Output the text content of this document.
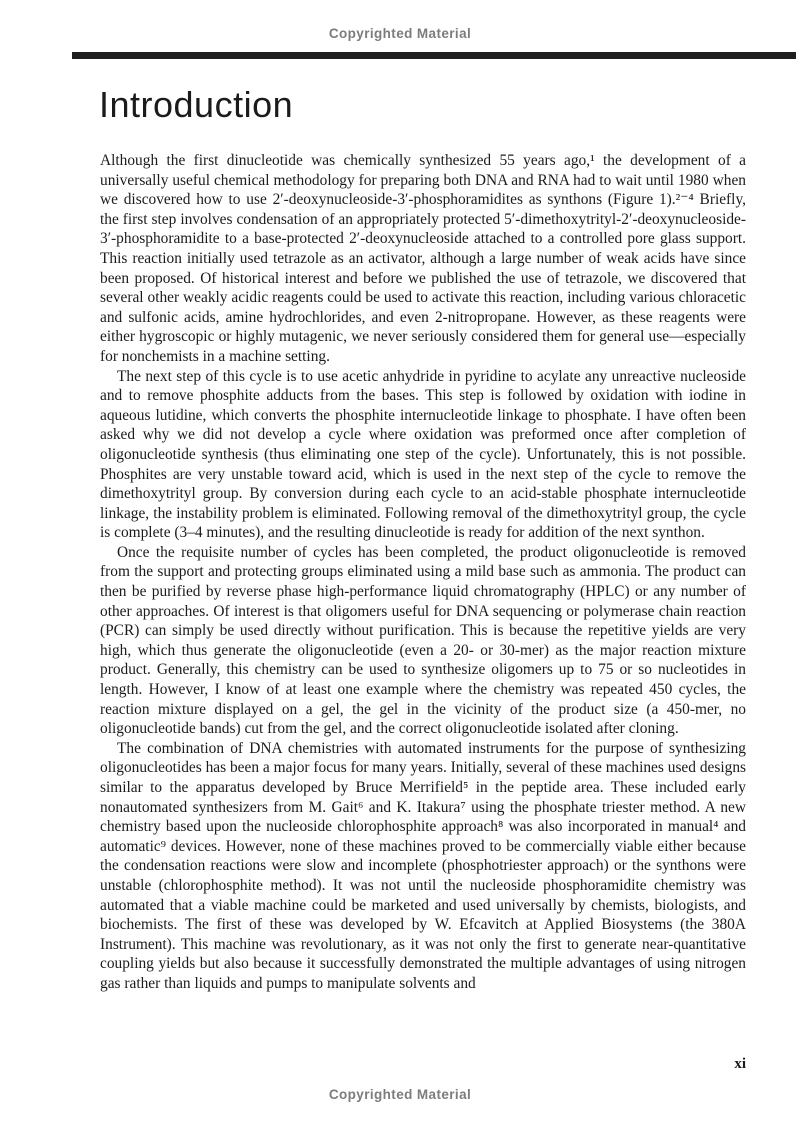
Copyrighted Material
Introduction

Although the first dinucleotide was chemically synthesized 55 years ago,¹ the development of a universally useful chemical methodology for preparing both DNA and RNA had to wait until 1980 when we discovered how to use 2′-deoxynucleoside-3′-phosphoramidites as synthons (Figure 1).²⁻⁴ Briefly, the first step involves condensation of an appropriately protected 5′-dimethoxytrityl-2′-deoxynucleoside-3′-phosphoramidite to a base-protected 2′-deoxynucleoside attached to a controlled pore glass support. This reaction initially used tetrazole as an activator, although a large number of weak acids have since been proposed. Of historical interest and before we published the use of tetrazole, we discovered that several other weakly acidic reagents could be used to activate this reaction, including various chloracetic and sulfonic acids, amine hydrochlorides, and even 2-nitropropane. However, as these reagents were either hygroscopic or highly mutagenic, we never seriously considered them for general use—especially for nonchemists in a machine setting.

The next step of this cycle is to use acetic anhydride in pyridine to acylate any unreactive nucleoside and to remove phosphite adducts from the bases. This step is followed by oxidation with iodine in aqueous lutidine, which converts the phosphite internucleotide linkage to phosphate. I have often been asked why we did not develop a cycle where oxidation was preformed once after completion of oligonucleotide synthesis (thus eliminating one step of the cycle). Unfortunately, this is not possible. Phosphites are very unstable toward acid, which is used in the next step of the cycle to remove the dimethoxytrityl group. By conversion during each cycle to an acid-stable phosphate internucleotide linkage, the instability problem is eliminated. Following removal of the dimethoxytrityl group, the cycle is complete (3–4 minutes), and the resulting dinucleotide is ready for addition of the next synthon.

Once the requisite number of cycles has been completed, the product oligonucleotide is removed from the support and protecting groups eliminated using a mild base such as ammonia. The product can then be purified by reverse phase high-performance liquid chromatography (HPLC) or any number of other approaches. Of interest is that oligomers useful for DNA sequencing or polymerase chain reaction (PCR) can simply be used directly without purification. This is because the repetitive yields are very high, which thus generate the oligonucleotide (even a 20- or 30-mer) as the major reaction mixture product. Generally, this chemistry can be used to synthesize oligomers up to 75 or so nucleotides in length. However, I know of at least one example where the chemistry was repeated 450 cycles, the reaction mixture displayed on a gel, the gel in the vicinity of the product size (a 450-mer, no oligonucleotide bands) cut from the gel, and the correct oligonucleotide isolated after cloning.

The combination of DNA chemistries with automated instruments for the purpose of synthesizing oligonucleotides has been a major focus for many years. Initially, several of these machines used designs similar to the apparatus developed by Bruce Merrifield⁵ in the peptide area. These included early nonautomated synthesizers from M. Gait⁶ and K. Itakura⁷ using the phosphate triester method. A new chemistry based upon the nucleoside chlorophosphite approach⁸ was also incorporated in manual⁴ and automatic⁹ devices. However, none of these machines proved to be commercially viable either because the condensation reactions were slow and incomplete (phosphotriester approach) or the synthons were unstable (chlorophosphite method). It was not until the nucleoside phosphoramidite chemistry was automated that a viable machine could be marketed and used universally by chemists, biologists, and biochemists. The first of these was developed by W. Efcavitch at Applied Biosystems (the 380A Instrument). This machine was revolutionary, as it was not only the first to generate near-quantitative coupling yields but also because it successfully demonstrated the multiple advantages of using nitrogen gas rather than liquids and pumps to manipulate solvents and

xi
Copyrighted Material
